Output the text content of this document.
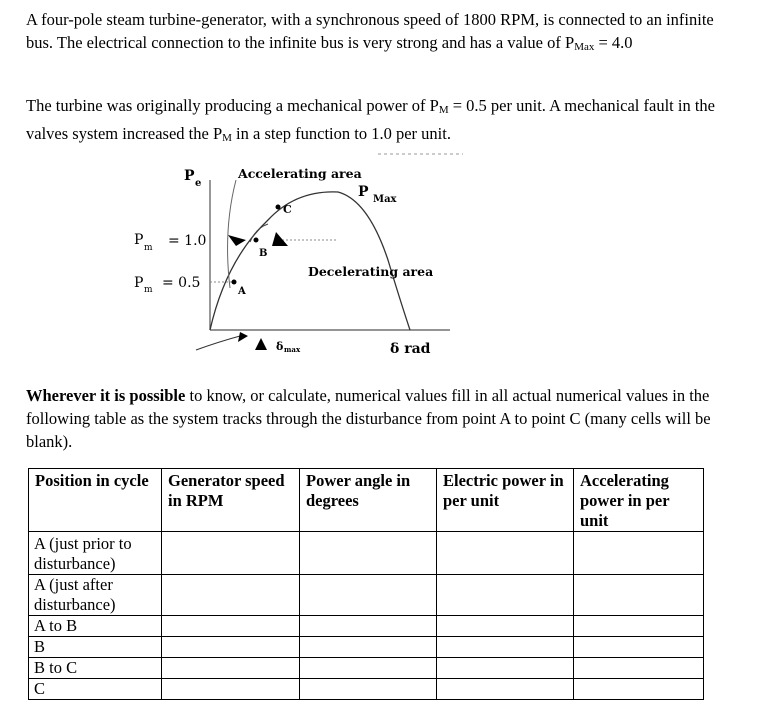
A four-pole steam turbine-generator, with a synchronous speed of 1800 RPM, is connected to an infinite bus. The electrical connection to the infinite bus is very strong and has a value of $P_{Max} = 4.0$
The turbine was originally producing a mechanical power of $P_M = 0.5$ per unit. A mechanical fault in the valves system increased the $P_M$ in a step function to 1.0 per unit.
P e
Accelerating area
P Max
C
P m = 1.0
B
Decelerating area
P m = 0.5
A
δ max	δ rad
Wherever it is possible to know, or calculate, numerical values fill in all actual numerical values in the following table as the system tracks through the disturbance from point A to point C (many cells will be blank).
Position in cycle	Generator speed in RPM	Power angle in degrees	Electric power in per unit	Accelerating power in per unit
A (just prior to disturbance)				
A (just after disturbance)				
A to B				
B				
B to C				
C				
